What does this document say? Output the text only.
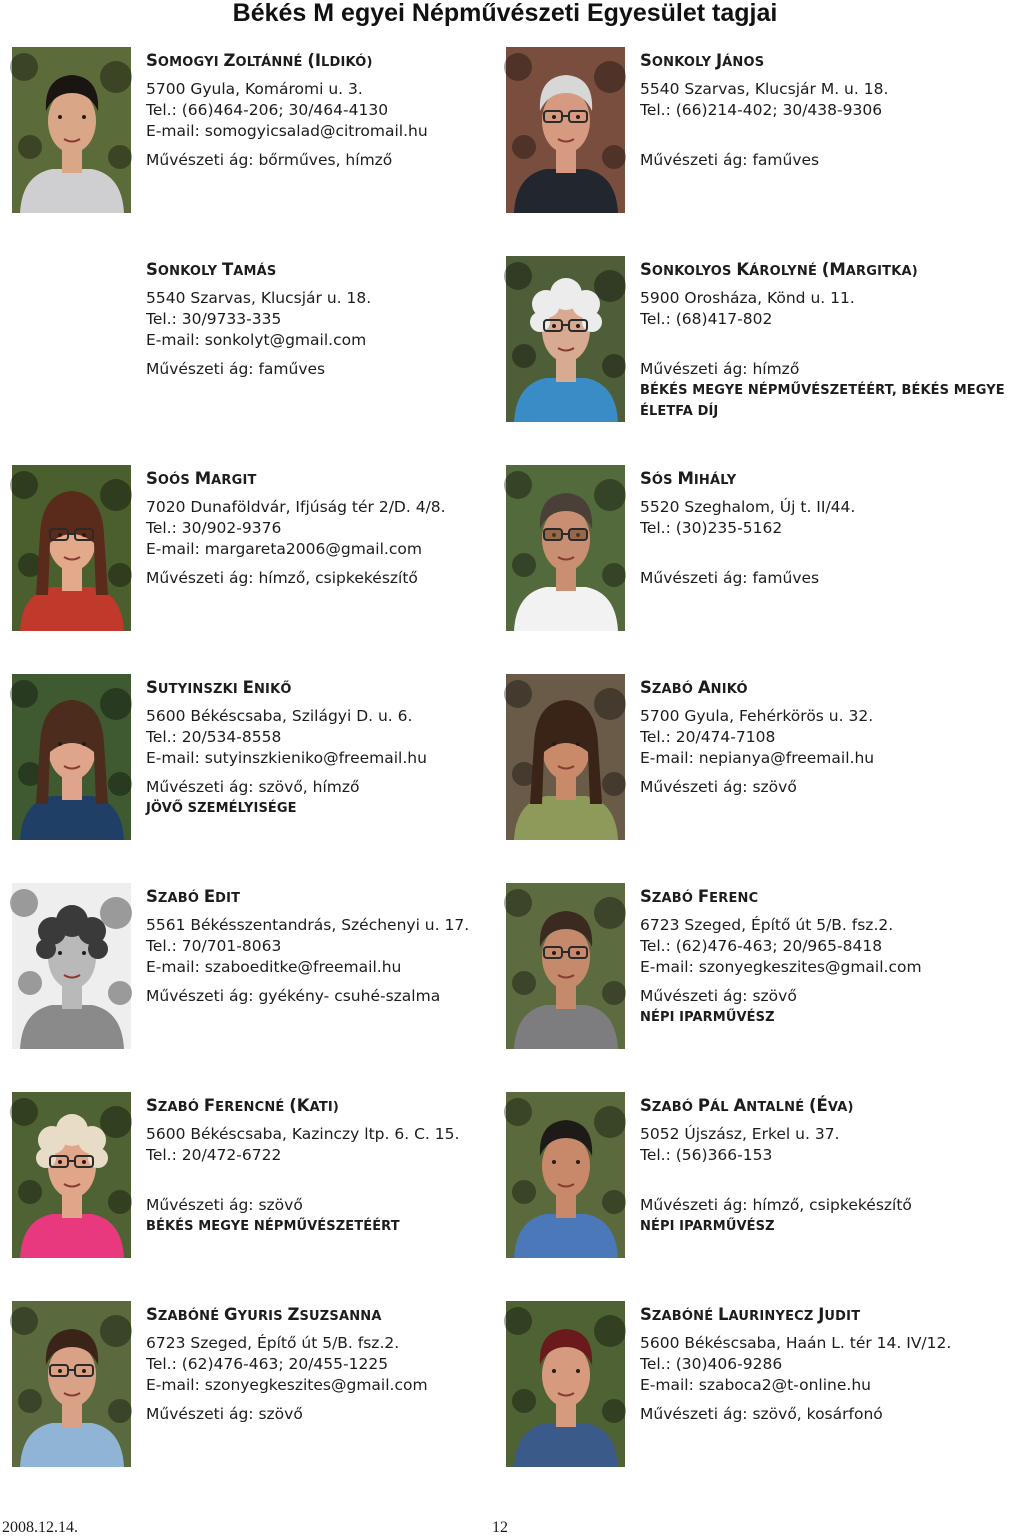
Békés M egyei Népművészeti Egyesület tagjai
SOMOGYI ZOLTÁNNÉ (ILDIKÓ)
5700 Gyula, Komáromi u. 3.
Tel.: (66)464-206; 30/464-4130
E-mail: somogyicsalad@citromail.hu
Művészeti ág: bőrműves, hímző
SONKOLY JÁNOS
5540 Szarvas, Klucsjár M. u. 18.
Tel.: (66)214-402; 30/438-9306
Művészeti ág: faműves
SONKOLY TAMÁS
5540 Szarvas, Klucsjár u. 18.
Tel.: 30/9733-335
E-mail: sonkolyt@gmail.com
Művészeti ág: faműves
SONKOLYOS KÁROLYNÉ (MARGITKA)
5900 Orosháza, Könd u. 11.
Tel.: (68)417-802
Művészeti ág: hímző
BÉKÉS MEGYE NÉPMŰVÉSZETÉÉRT, BÉKÉS MEGYE
ÉLETFA DÍJ
SOÓS MARGIT
7020 Dunaföldvár, Ifjúság tér 2/D. 4/8.
Tel.: 30/902-9376
E-mail: margareta2006@gmail.com
Művészeti ág: hímző, csipkekészítő
SÓS MIHÁLY
5520 Szeghalom, Új t. II/44.
Tel.: (30)235-5162
Művészeti ág: faműves
SUTYINSZKI ENIKŐ
5600 Békéscsaba, Szilágyi D. u. 6.
Tel.: 20/534-8558
E-mail: sutyinszkieniko@freemail.hu
Művészeti ág: szövő, hímző
JÖVŐ SZEMÉLYISÉGE
SZABÓ ANIKÓ
5700 Gyula, Fehérkörös u. 32.
Tel.: 20/474-7108
E-mail: nepianya@freemail.hu
Művészeti ág: szövő
SZABÓ EDIT
5561 Békésszentandrás, Széchenyi u. 17.
Tel.: 70/701-8063
E-mail: szaboeditke@freemail.hu
Művészeti ág: gyékény- csuhé-szalma
SZABÓ FERENC
6723 Szeged, Építő út 5/B. fsz.2.
Tel.: (62)476-463; 20/965-8418
E-mail: szonyegkeszites@gmail.com
Művészeti ág: szövő
NÉPI IPARMŰVÉSZ
SZABÓ FERENCNÉ (KATI)
5600 Békéscsaba, Kazinczy ltp. 6. C. 15.
Tel.: 20/472-6722
Művészeti ág: szövő
BÉKÉS MEGYE NÉPMŰVÉSZETÉÉRT
SZABÓ PÁL ANTALNÉ (ÉVA)
5052 Újszász, Erkel u. 37.
Tel.: (56)366-153
Művészeti ág: hímző, csipkekészítő
NÉPI IPARMŰVÉSZ
SZABÓNÉ GYURIS ZSUZSANNA
6723 Szeged, Építő út 5/B. fsz.2.
Tel.: (62)476-463; 20/455-1225
E-mail: szonyegkeszites@gmail.com
Művészeti ág: szövő
SZABÓNÉ LAURINYECZ JUDIT
5600 Békéscsaba, Haán L. tér 14. IV/12.
Tel.: (30)406-9286
E-mail: szaboca2@t-online.hu
Művészeti ág: szövő, kosárfonó
2008.12.14.	12
